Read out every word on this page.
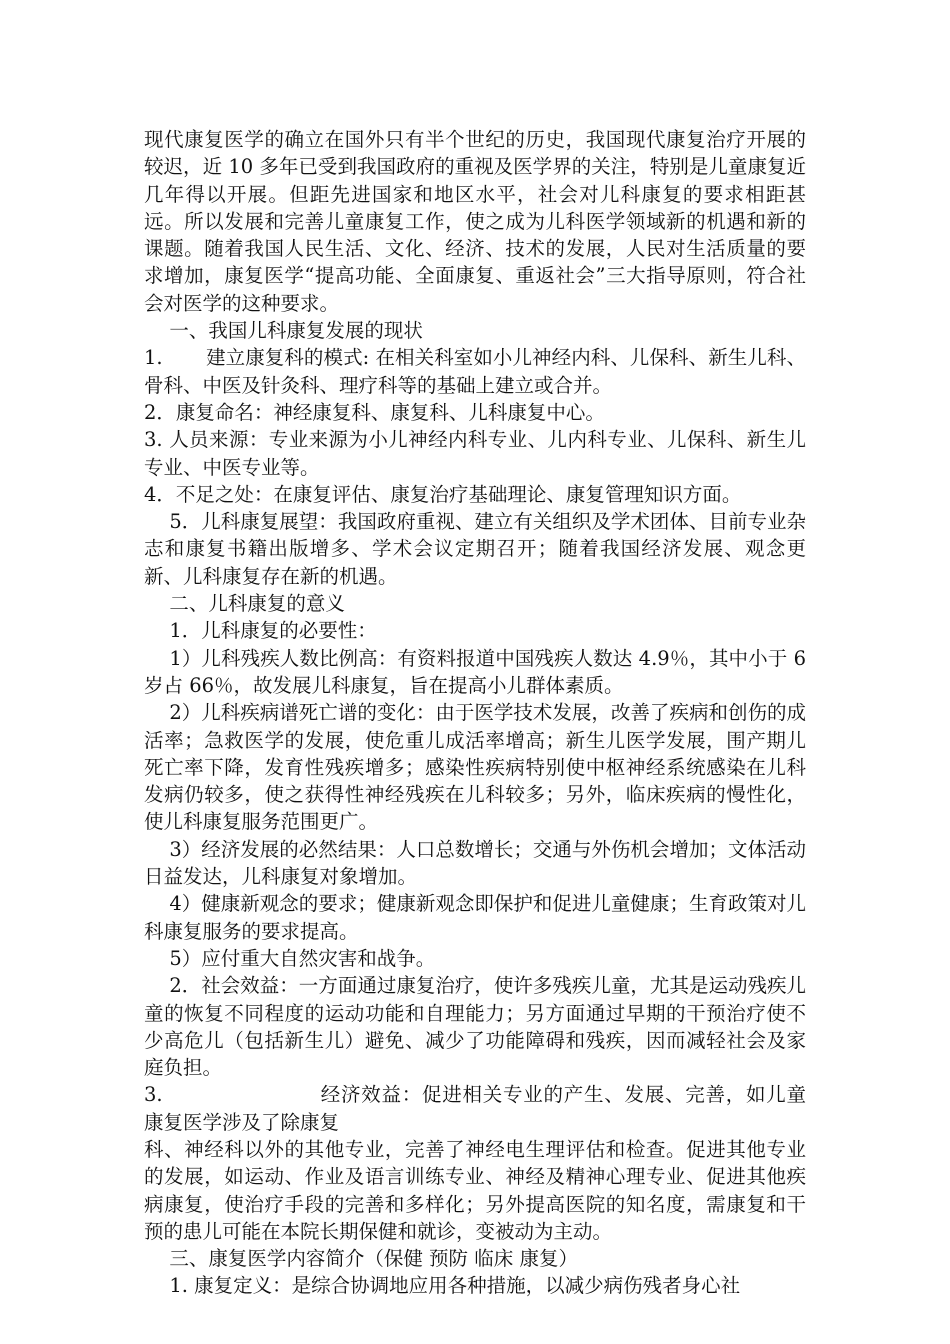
现代康复医学的确立在国外只有半个世纪的历史，我国现代康复治疗开展的较迟，近 10 多年已受到我国政府的重视及医学界的关注，特别是儿童康复近几年得以开展。但距先进国家和地区水平，社会对儿科康复的要求相距甚远。所以发展和完善儿童康复工作，使之成为儿科医学领域新的机遇和新的课题。随着我国人民生活、文化、经济、技术的发展，人民对生活质量的要求增加，康复医学“提高功能、全面康复、重返社会”三大指导原则，符合社会对医学的这种要求。

一、我国儿科康复发展的现状

1. 建立康复科的模式: 在相关科室如小儿神经内科、儿保科、新生儿科、骨科、中医及针灸科、理疗科等的基础上建立或合并。

2．康复命名：神经康复科、康复科、儿科康复中心。

3. 人员来源：专业来源为小儿神经内科专业、儿内科专业、儿保科、新生儿专业、中医专业等。

4．不足之处：在康复评估、康复治疗基础理论、康复管理知识方面。

5．儿科康复展望：我国政府重视、建立有关组织及学术团体、目前专业杂志和康复书籍出版增多、学术会议定期召开；随着我国经济发展、观念更新、儿科康复存在新的机遇。

二、儿科康复的意义

1．儿科康复的必要性：

1）儿科残疾人数比例高：有资料报道中国残疾人数达 4.9％，其中小于 6 岁占 66％，故发展儿科康复，旨在提高小儿群体素质。

2）儿科疾病谱死亡谱的变化：由于医学技术发展，改善了疾病和创伤的成活率；急救医学的发展，使危重儿成活率增高；新生儿医学发展，围产期儿死亡率下降，发育性残疾增多；感染性疾病特别使中枢神经系统感染在儿科发病仍较多，使之获得性神经残疾在儿科较多；另外，临床疾病的慢性化，使儿科康复服务范围更广。

3）经济发展的必然结果：人口总数增长；交通与外伤机会增加；文体活动日益发达，儿科康复对象增加。

4）健康新观念的要求；健康新观念即保护和促进儿童健康；生育政策对儿科康复服务的要求提高。

5）应付重大自然灾害和战争。

2．社会效益：一方面通过康复治疗，使许多残疾儿童，尤其是运动残疾儿童的恢复不同程度的运动功能和自理能力；另方面通过早期的干预治疗使不少高危儿（包括新生儿）避免、减少了功能障碍和残疾，因而减轻社会及家庭负担。

3.	经济效益：促进相关专业的产生、发展、完善，如儿童康复医学涉及了除康复

科、神经科以外的其他专业，完善了神经电生理评估和检查。促进其他专业的发展，如运动、作业及语言训练专业、神经及精神心理专业、促进其他疾病康复，使治疗手段的完善和多样化；另外提高医院的知名度，需康复和干预的患儿可能在本院长期保健和就诊，变被动为主动。

三、康复医学内容简介（保健 预防 临床 康复）

1. 康复定义：是综合协调地应用各种措施，以减少病伤残者身心社
